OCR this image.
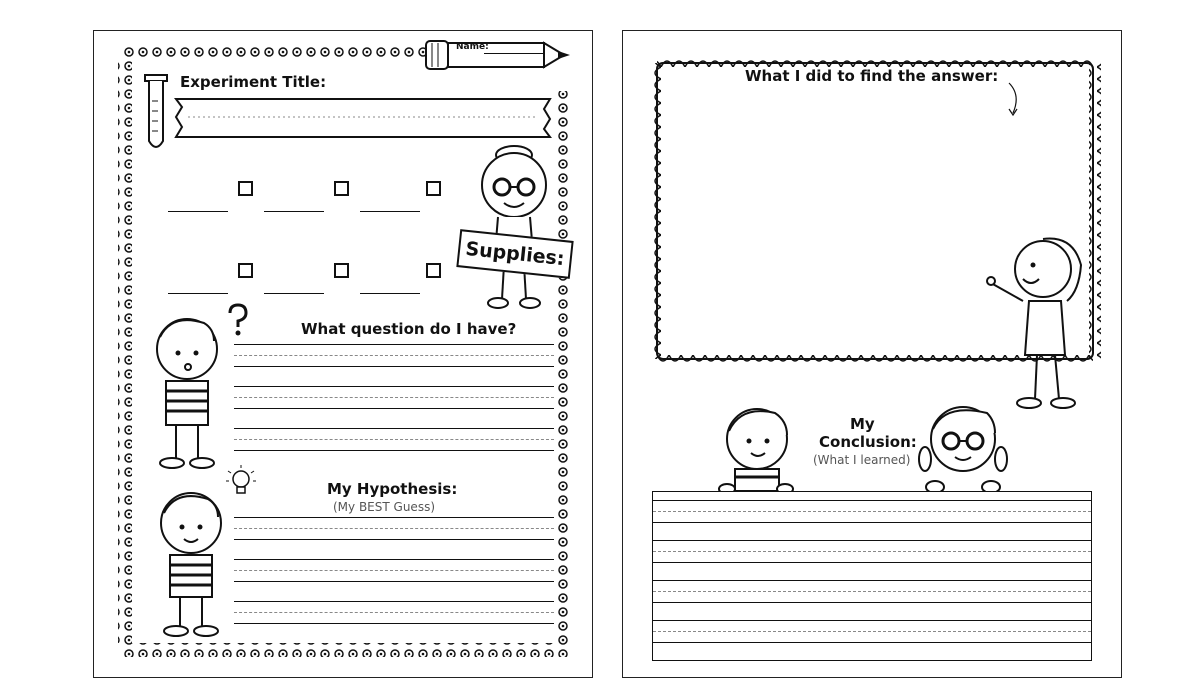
Name:
Experiment Title:
Supplies:
What question do I have?
My Hypothesis:
(My BEST Guess)
What I did to find the answer:
My
Conclusion:
(What I learned)
